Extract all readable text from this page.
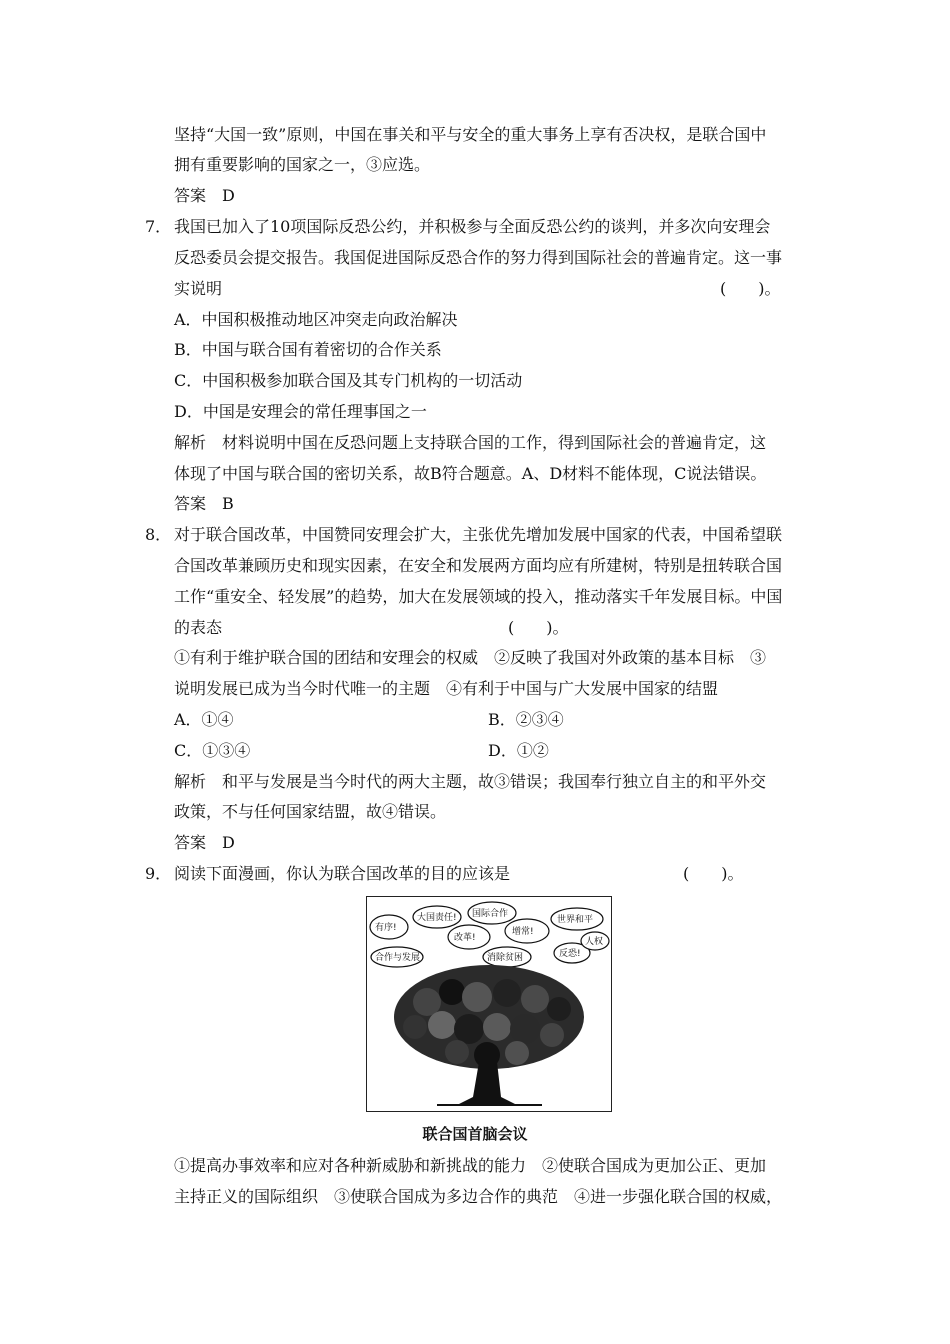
坚持“大国一致”原则，中国在事关和平与安全的重大事务上享有否决权，是联合国中
拥有重要影响的国家之一，③应选。
答案　D
7． 我国已加入了10项国际反恐公约，并积极参与全面反恐公约的谈判，并多次向安理会
反恐委员会提交报告。我国促进国际反恐合作的努力得到国际社会的普遍肯定。这一事
实说明	(　　)。
A．中国积极推动地区冲突走向政治解决
B．中国与联合国有着密切的合作关系
C．中国积极参加联合国及其专门机构的一切活动
D．中国是安理会的常任理事国之一
解析　材料说明中国在反恐问题上支持联合国的工作，得到国际社会的普遍肯定，这
体现了中国与联合国的密切关系，故B符合题意。A、D材料不能体现，C说法错误。
答案　B
8． 对于联合国改革，中国赞同安理会扩大，主张优先增加发展中国家的代表，中国希望联
合国改革兼顾历史和现实因素，在安全和发展两方面均应有所建树，特别是扭转联合国
工作“重安全、轻发展”的趋势，加大在发展领域的投入，推动落实千年发展目标。中国
的表态	(　　)。
①有利于维护联合国的团结和安理会的权威　②反映了我国对外政策的基本目标　③
说明发展已成为当今时代唯一的主题　④有利于中国与广大发展中国家的结盟
A．①④	B．②③④
C．①③④	D．①②
解析　和平与发展是当今时代的两大主题，故③错误；我国奉行独立自主的和平外交
政策，不与任何国家结盟，故④错误。
答案　D
9． 阅读下面漫画，你认为联合国改革的目的应该是	(　　)。
有序!
大国责任! 国际合作
改革!
增常!
世界和平
合作与发展	消除贫困	反恐!
人权
联合国首脑会议
①提高办事效率和应对各种新威胁和新挑战的能力　②使联合国成为更加公正、更加
主持正义的国际组织　③使联合国成为多边合作的典范　④进一步强化联合国的权威，
